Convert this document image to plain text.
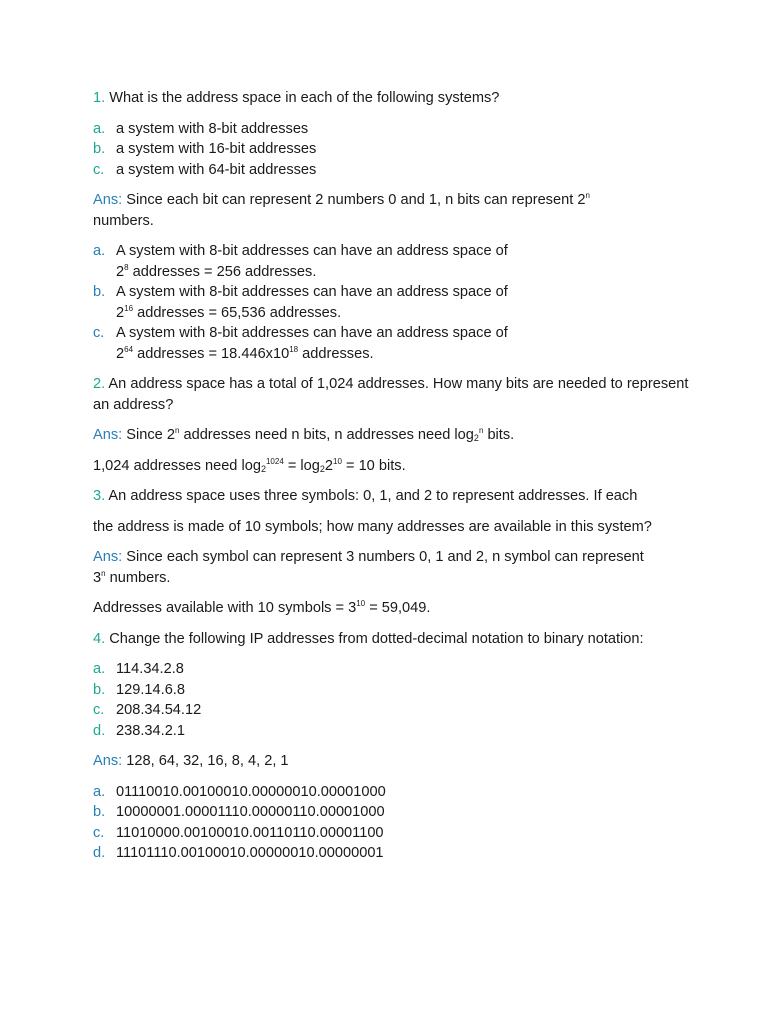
1. What is the address space in each of the following systems?

a. a system with 8-bit addresses
b. a system with 16-bit addresses
c. a system with 64-bit addresses

Ans: Since each bit can represent 2 numbers 0 and 1, n bits can represent 2$^n$
numbers.

a. A system with 8-bit addresses can have an address space of
$2^8$ addresses = 256 addresses.
b. A system with 8-bit addresses can have an address space of
$2^{16}$ addresses = 65,536 addresses.
c. A system with 8-bit addresses can have an address space of
$2^{64}$ addresses = $18.446x10^{18}$ addresses.

2. An address space has a total of 1,024 addresses. How many bits are needed to represent an address?

Ans: Since 2$^n$ addresses need n bits, n addresses need $\log_2^n$ bits.

1,024 addresses need $\log_2^{1024} = \log_22^{10} = 10$ bits.

3. An address space uses three symbols: 0, 1, and 2 to represent addresses. If each

the address is made of 10 symbols; how many addresses are available in this system?

Ans: Since each symbol can represent 3 numbers 0, 1 and 2, n symbol can represent
3$^n$ numbers.

Addresses available with 10 symbols = $3^{10} = 59,049$.

4. Change the following IP addresses from dotted-decimal notation to binary notation:

a. 114.34.2.8
b. 129.14.6.8
c. 208.34.54.12
d. 238.34.2.1

Ans: 128, 64, 32, 16, 8, 4, 2, 1

a. 01110010.00100010.00000010.00001000
b. 10000001.00001110.00000110.00001000
c. 11010000.00100010.00110110.00001100
d. 11101110.00100010.00000010.00000001
